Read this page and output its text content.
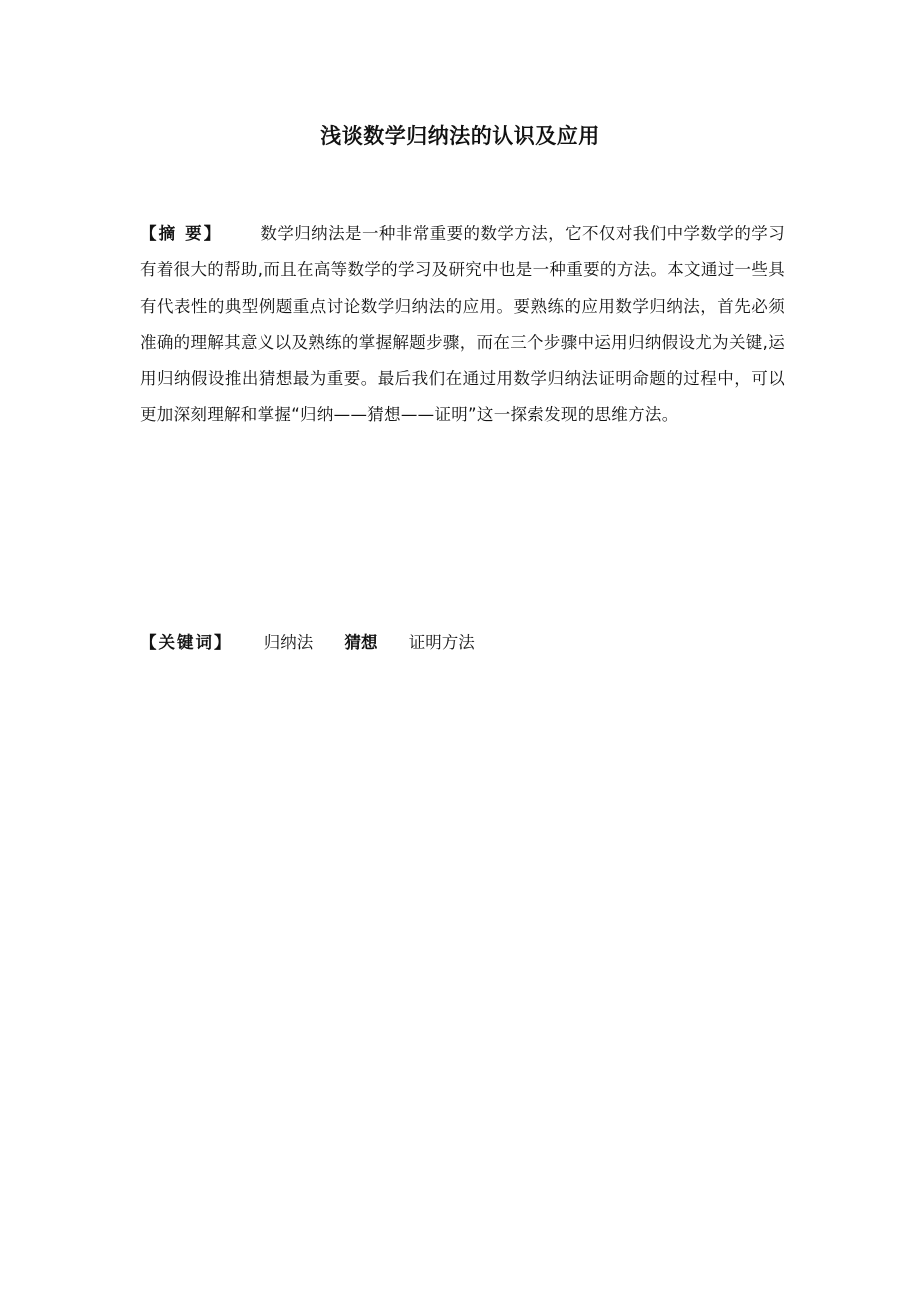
浅谈数学归纳法的认识及应用
【摘 要】 数学归纳法是一种非常重要的数学方法，它不仅对我们中学数学的学习有着很大的帮助,而且在高等数学的学习及研究中也是一种重要的方法。本文通过一些具有代表性的典型例题重点讨论数学归纳法的应用。要熟练的应用数学归纳法，首先必须准确的理解其意义以及熟练的掌握解题步骤，而在三个步骤中运用归纳假设尤为关键,运用归纳假设推出猜想最为重要。最后我们在通过用数学归纳法证明命题的过程中，可以更加深刻理解和掌握“归纳——猜想——证明”这一探索发现的思维方法。
【关键词】 归纳法 猜想 证明方法
